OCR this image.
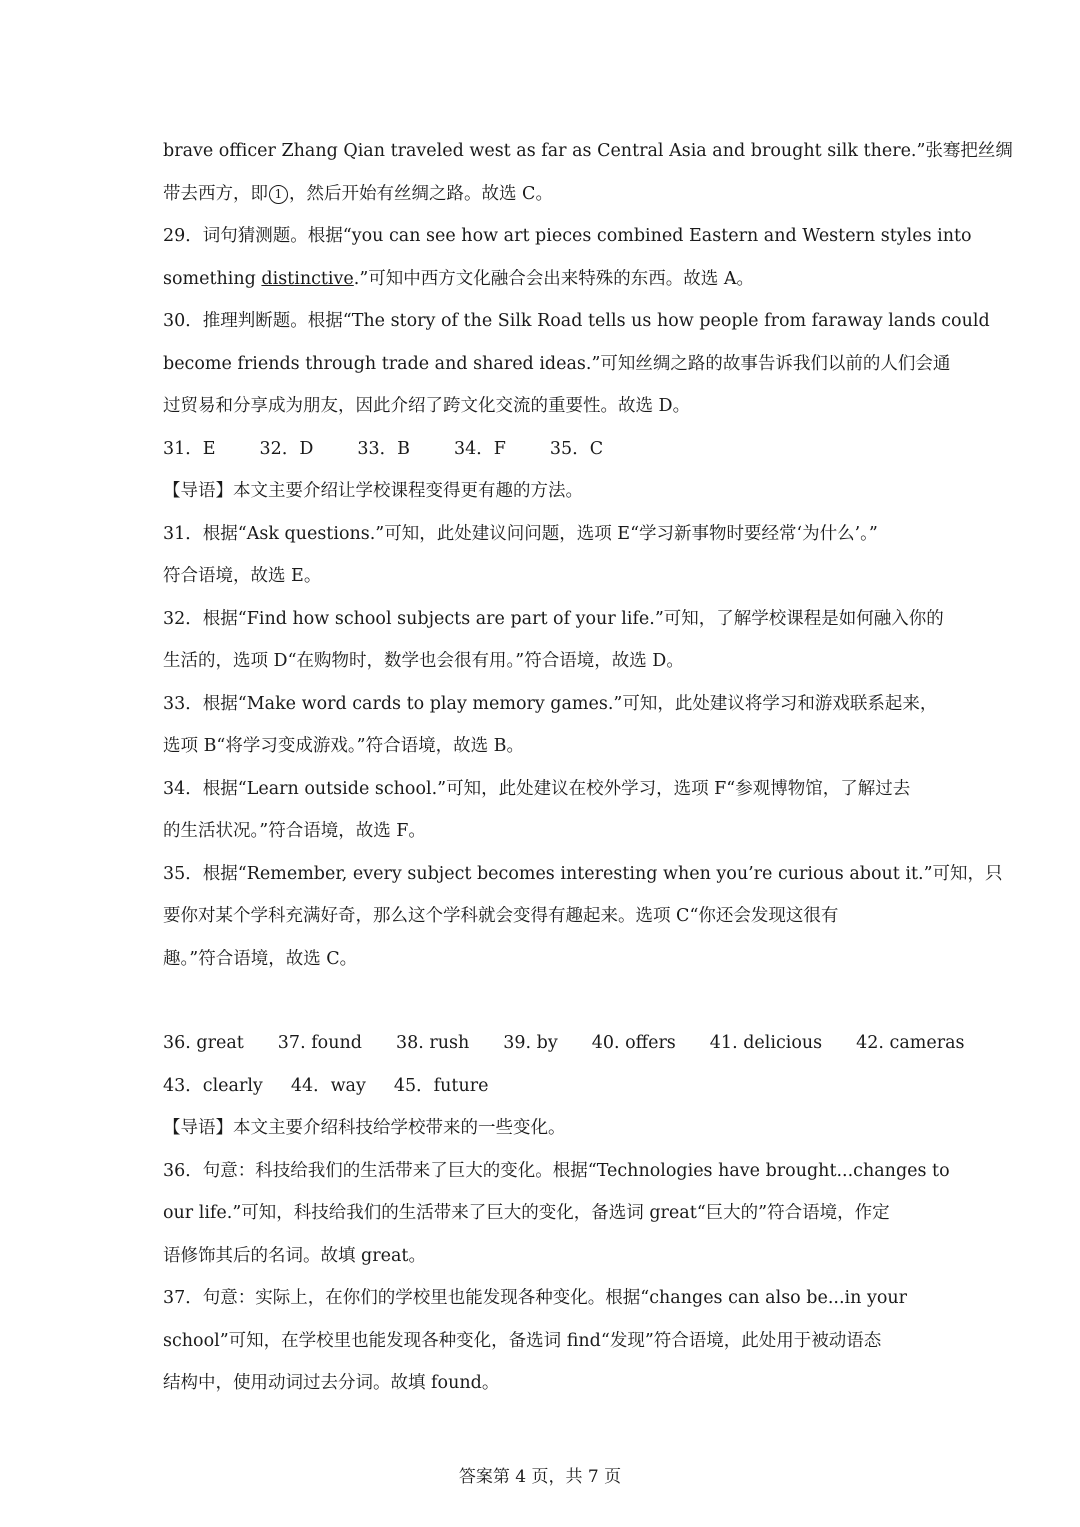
brave officer Zhang Qian traveled west as far as Central Asia and brought silk there.”张骞把丝绸
带去西方，即 1 ，然后开始有丝绸之路。故选 C。
29．词句猜测题。根据“you can see how art pieces combined Eastern and Western styles into
something distinctive.”可知中西方文化融合会出来特殊的东西。故选 A。
30．推理判断题。根据“The story of the Silk Road tells us how people from faraway lands could
become friends through trade and shared ideas.”可知丝绸之路的故事告诉我们以前的人们会通
过贸易和分享成为朋友，因此介绍了跨文化交流的重要性。故选 D。
31．E	32．D	33．B	34．F	35．C
【导语】本文主要介绍让学校课程变得更有趣的方法。
31．根据“Ask questions.”可知，此处建议问问题，选项 E“学习新事物时要经常‘为什么’。”
符合语境，故选 E。
32．根据“Find how school subjects are part of your life.”可知，了解学校课程是如何融入你的
生活的，选项 D“在购物时，数学也会很有用。”符合语境，故选 D。
33．根据“Make word cards to play memory games.”可知，此处建议将学习和游戏联系起来，
选项 B“将学习变成游戏。”符合语境，故选 B。
34．根据“Learn outside school.”可知，此处建议在校外学习，选项 F“参观博物馆，了解过去
的生活状况。”符合语境，故选 F。
35．根据“Remember, every subject becomes interesting when you’re curious about it.”可知，只
要你对某个学科充满好奇，那么这个学科就会变得有趣起来。选项 C“你还会发现这很有
趣。”符合语境，故选 C。
36. great 37. found 38. rush 39. by 40. offers 41. delicious 42. cameras
43．clearly 44．way 45．future
【导语】本文主要介绍科技给学校带来的一些变化。
36．句意：科技给我们的生活带来了巨大的变化。根据“Technologies have brought...changes to
our life.”可知，科技给我们的生活带来了巨大的变化，备选词 great“巨大的”符合语境，作定
语修饰其后的名词。故填 great。
37．句意：实际上，在你们的学校里也能发现各种变化。根据“changes can also be...in your
school”可知，在学校里也能发现各种变化，备选词 find“发现”符合语境，此处用于被动语态
结构中，使用动词过去分词。故填 found。
答案第 4 页，共 7 页
